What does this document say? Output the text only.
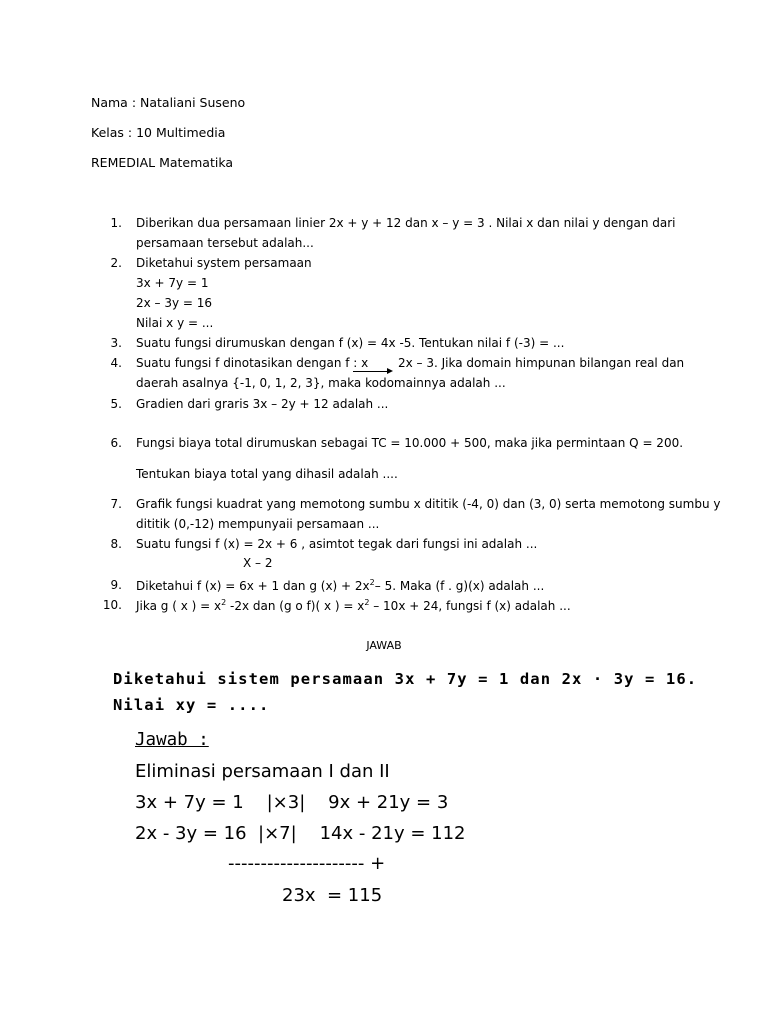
Nama : Nataliani Suseno
Kelas : 10 Multimedia
REMEDIAL Matematika
1. Diberikan dua persamaan linier 2x + y + 12 dan x – y = 3 . Nilai x dan nilai y dengan dari
persamaan tersebut adalah...
2. Diketahui system persamaan
3x + 7y = 1
2x – 3y = 16
Nilai x y = ...
3. Suatu fungsi dirumuskan dengan f (x) = 4x -5. Tentukan nilai f (-3) = ...
4. Suatu fungsi f dinotasikan dengan f : x 2x – 3. Jika domain himpunan bilangan real dan
daerah asalnya {-1, 0, 1, 2, 3}, maka kodomainnya adalah ...
5. Gradien dari graris 3x – 2y + 12 adalah ...
6. Fungsi biaya total dirumuskan sebagai TC = 10.000 + 500, maka jika permintaan Q = 200.
Tentukan biaya total yang dihasil adalah ....
7. Grafik fungsi kuadrat yang memotong sumbu x dititik (-4, 0) dan (3, 0) serta memotong sumbu y
dititik (0,-12) mempunyaii persamaan ...
8. Suatu fungsi f (x) = 2x + 6 , asimtot tegak dari fungsi ini adalah ...
X – 2
9. Diketahui f (x) = 6x + 1 dan g $(x) + 2x^2-$ 5. Maka (f . g)(x) adalah ...
10. Jika g ( x ) = $x^2$ -2x dan (g o f)( x ) = $x^2 - 10x + 24$, fungsi f (x) adalah ...
JAWAB
Diketahui sistem persamaan 3x + 7y = 1 dan 2x · 3y = 16.
Nilai xy = ....
Jawab :
Eliminasi persamaan I dan II
3x + 7y = 1    |×3|    9x + 21y = 3
2x - 3y = 16  |×7|    14x - 21y = 112
--------------------- +
23x  = 115
